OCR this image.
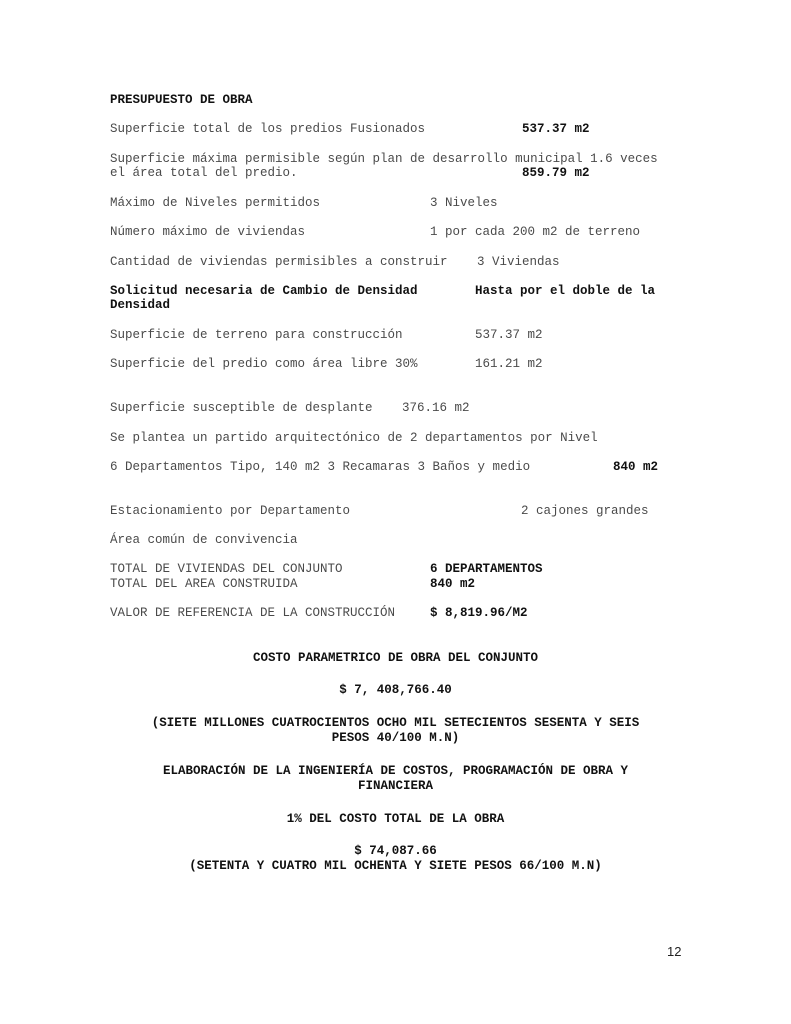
PRESUPUESTO DE OBRA
Superficie total de los predios Fusionados	537.37 m2
Superficie máxima permisible según plan de desarrollo municipal 1.6 veces
el área total del predio.	859.79 m2
Máximo de Niveles permitidos	3 Niveles
Número máximo de viviendas	1 por cada 200 m2 de terreno
Cantidad de viviendas permisibles a construir 3 Viviendas
Solicitud necesaria de Cambio de Densidad	Hasta por el doble de la
Densidad
Superficie de terreno para construcción	537.37 m2
Superficie del predio como área libre 30%	161.21 m2
Superficie susceptible de desplante 376.16 m2
Se plantea un partido arquitectónico de 2 departamentos por Nivel
6 Departamentos Tipo, 140 m2 3 Recamaras 3 Baños y medio	840 m2
Estacionamiento por Departamento	2 cajones grandes
Área común de convivencia
TOTAL DE VIVIENDAS DEL CONJUNTO	6 DEPARTAMENTOS
TOTAL DEL AREA CONSTRUIDA	840 m2
VALOR DE REFERENCIA DE LA CONSTRUCCIÓN	$ 8,819.96/M2
COSTO PARAMETRICO DE OBRA DEL CONJUNTO
$ 7, 408,766.40
(SIETE MILLONES CUATROCIENTOS OCHO MIL SETECIENTOS SESENTA Y SEIS
PESOS 40/100 M.N)
ELABORACIÓN DE LA INGENIERÍA DE COSTOS, PROGRAMACIÓN DE OBRA Y
FINANCIERA
1% DEL COSTO TOTAL DE LA OBRA
$ 74,087.66
(SETENTA Y CUATRO MIL OCHENTA Y SIETE PESOS 66/100 M.N)
12
